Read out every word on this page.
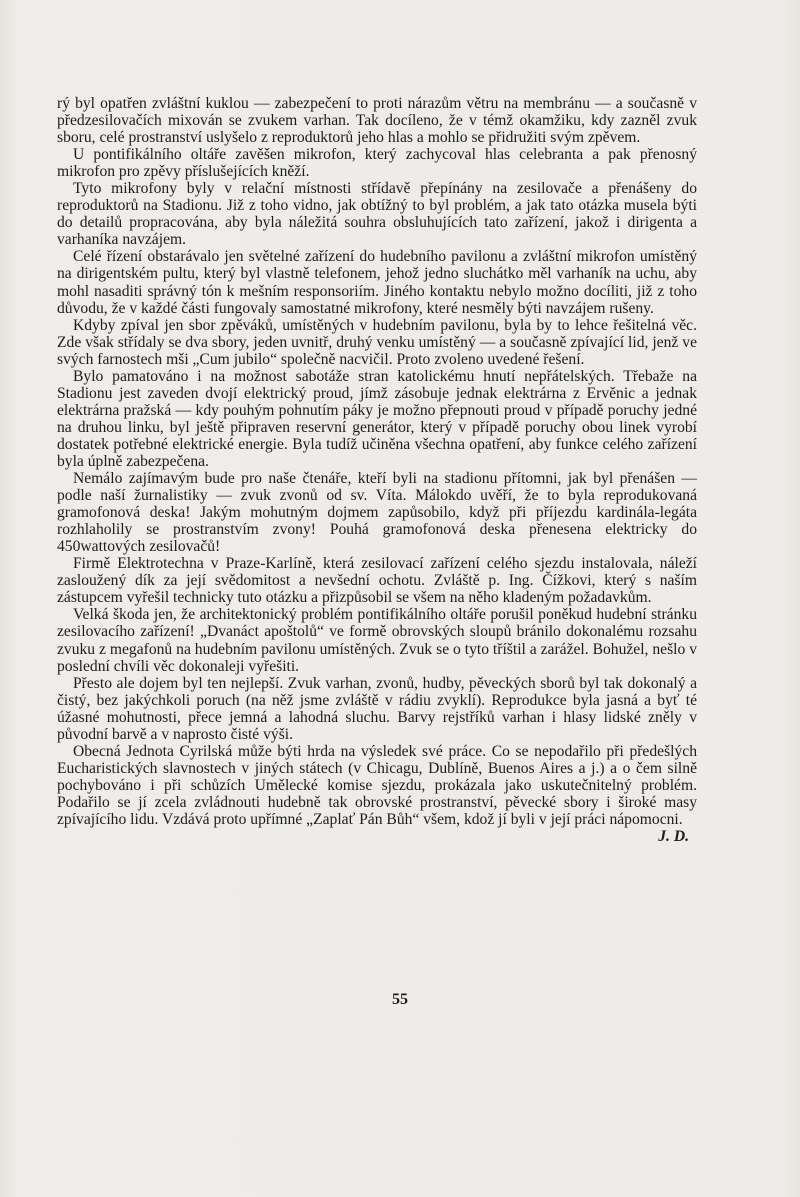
rý byl opatřen zvláštní kuklou — zabezpečení to proti nárazům větru na membránu — a současně v předzesilovačích mixován se zvukem varhan. Tak docíleno, že v témž okamžiku, kdy zazněl zvuk sboru, celé prostranství uslyšelo z reproduktorů jeho hlas a mohlo se přidružiti svým zpěvem.

U pontifikálního oltáře zavěšen mikrofon, který zachycoval hlas celebranta a pak přenosný mikrofon pro zpěvy příslušejících kněží.

Tyto mikrofony byly v relační místnosti střídavě přepínány na zesilovače a přenášeny do reproduktorů na Stadionu. Již z toho vidno, jak obtížný to byl problém, a jak tato otázka musela býti do detailů propracována, aby byla náležitá souhra obsluhujících tato zařízení, jakož i dirigenta a varhaníka navzájem.

Celé řízení obstarávalo jen světelné zařízení do hudebního pavilonu a zvláštní mikrofon umístěný na dirigentském pultu, který byl vlastně telefonem, jehož jedno sluchátko měl varhaník na uchu, aby mohl nasaditi správný tón k mešním responsoriím. Jiného kontaktu nebylo možno docíliti, již z toho důvodu, že v každé části fungovaly samostatné mikrofony, které nesměly býti navzájem rušeny.

Kdyby zpíval jen sbor zpěváků, umístěných v hudebním pavilonu, byla by to lehce řešitelná věc. Zde však střídaly se dva sbory, jeden uvnitř, druhý venku umístěný — a současně zpívající lid, jenž ve svých farnostech mši „Cum jubilo“ společně nacvičil. Proto zvoleno uvedené řešení.

Bylo pamatováno i na možnost sabotáže stran katolickému hnutí nepřátelských. Třebaže na Stadionu jest zaveden dvojí elektrický proud, jímž zásobuje jednak elektrárna z Ervěnic a jednak elektrárna pražská — kdy pouhým pohnutím páky je možno přepnouti proud v případě poruchy jedné na druhou linku, byl ještě připraven reservní generátor, který v případě poruchy obou linek vyrobí dostatek potřebné elektrické energie. Byla tudíž učiněna všechna opatření, aby funkce celého zařízení byla úplně zabezpečena.

Nemálo zajímavým bude pro naše čtenáře, kteří byli na stadionu přítomni, jak byl přenášen — podle naší žurnalistiky — zvuk zvonů od sv. Víta. Málokdo uvěří, že to byla reprodukovaná gramofonová deska! Jakým mohutným dojmem zapůsobilo, když při příjezdu kardinála-legáta rozhlaholily se prostranstvím zvony! Pouhá gramofonová deska přenesena elektricky do 450wattových zesilovačů!

Firmě Elektrotechna v Praze-Karlíně, která zesilovací zařízení celého sjezdu instalovala, náleží zasloužený dík za její svědomitost a nevšední ochotu. Zvláště p. Ing. Čížkovi, který s naším zástupcem vyřešil technicky tuto otázku a přizpůsobil se všem na něho kladeným požadavkům.

Velká škoda jen, že architektonický problém pontifikálního oltáře porušil poněkud hudební stránku zesilovacího zařízení! „Dvanáct apoštolů“ ve formě obrovských sloupů bránilo dokonalému rozsahu zvuku z megafonů na hudebním pavilonu umístěných. Zvuk se o tyto tříštil a zarážel. Bohužel, nešlo v poslední chvíli věc dokonaleji vyřešiti.

Přesto ale dojem byl ten nejlepší. Zvuk varhan, zvonů, hudby, pěveckých sborů byl tak dokonalý a čistý, bez jakýchkoli poruch (na něž jsme zvláště v rádiu zvyklí). Reprodukce byla jasná a byť té úžasné mohutnosti, přece jemná a lahodná sluchu. Barvy rejstříků varhan i hlasy lidské zněly v původní barvě a v naprosto čisté výši.

Obecná Jednota Cyrilská může býti hrda na výsledek své práce. Co se nepodařilo při předešlých Eucharistických slavnostech v jiných státech (v Chicagu, Dublíně, Buenos Aires a j.) a o čem silně pochybováno i při schůzích Umělecké komise sjezdu, prokázala jako uskutečnitelný problém. Podařilo se jí zcela zvládnouti hudebně tak obrovské prostranství, pěvecké sbory i široké masy zpívajícího lidu. Vzdává proto upřímné „Zaplať Pán Bůh“ všem, kdož jí byli v její práci nápomocni.
J. D.

55
